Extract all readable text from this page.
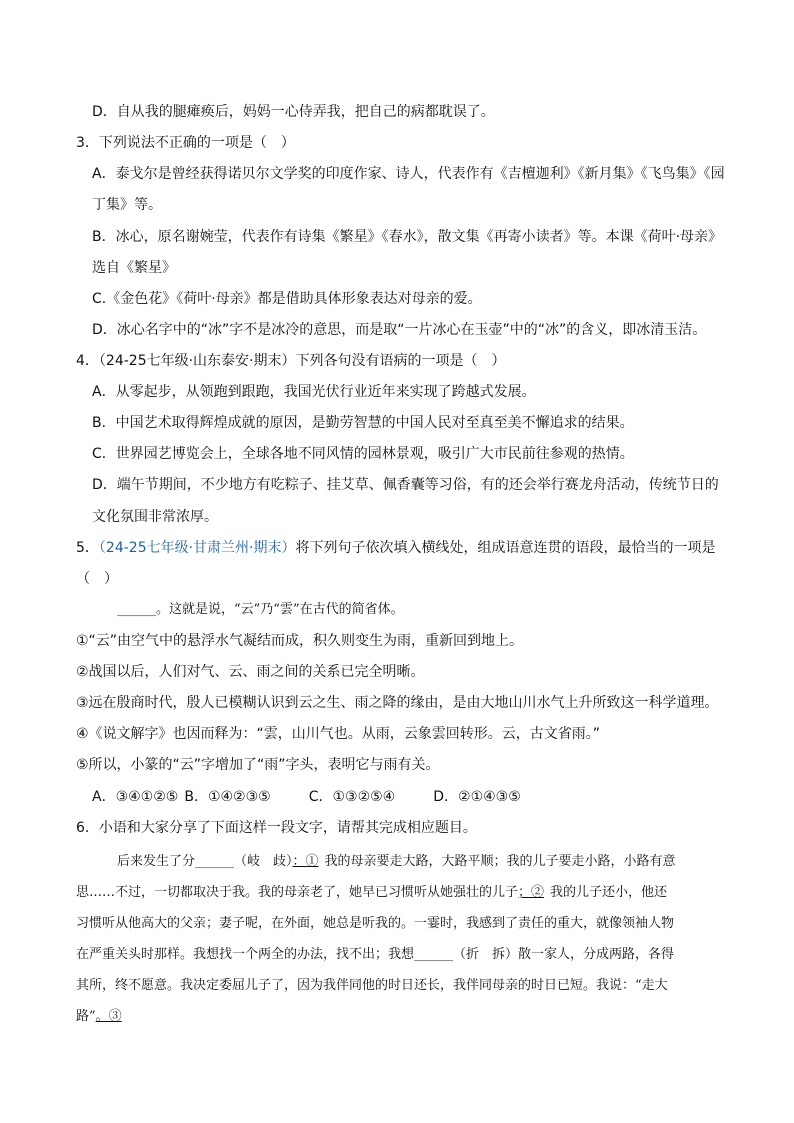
D．自从我的腿瘫痪后，妈妈一心侍弄我，把自己的病都耽误了。
3．下列说法不正确的一项是（　）
A．泰戈尔是曾经获得诺贝尔文学奖的印度作家、诗人，代表作有《吉檀迦利》《新月集》《飞鸟集》《园
丁集》等。
B．冰心，原名谢婉莹，代表作有诗集《繁星》《春水》，散文集《再寄小读者》等。本课《荷叶·母亲》
选自《繁星》
C.《金色花》《荷叶·母亲》都是借助具体形象表达对母亲的爱。
D．冰心名字中的“冰”字不是冰冷的意思，而是取“一片冰心在玉壶”中的“冰”的含义，即冰清玉洁。
4．（24-25七年级·山东泰安·期末）下列各句没有语病的一项是（　）
A．从零起步，从领跑到跟跑，我国光伏行业近年来实现了跨越式发展。
B．中国艺术取得辉煌成就的原因，是勤劳智慧的中国人民对至真至美不懈追求的结果。
C．世界园艺博览会上，全球各地不同风情的园林景观，吸引广大市民前往参观的热情。
D．端午节期间，不少地方有吃粽子、挂艾草、佩香囊等习俗，有的还会举行赛龙舟活动，传统节日的
文化氛围非常浓厚。
5．（24-25七年级·甘肃兰州·期末）将下列句子依次填入横线处，组成语意连贯的语段，最恰当的一项是
（　）
______。这就是说，“云”乃“雲”在古代的简省体。
①“云”由空气中的悬浮水气凝结而成，积久则变生为雨，重新回到地上。
②战国以后，人们对气、云、雨之间的关系已完全明晰。
③远在殷商时代，殷人已模糊认识到云之生、雨之降的缘由，是由大地山川水气上升所致这一科学道理。
④《说文解字》也因而释为：“雲，山川气也。从雨，云象雲回转形。云，古文省雨。”
⑤所以，小篆的“云”字增加了“雨”字头，表明它与雨有关。
A．③④①②⑤ B．①④②③⑤	C．①③②⑤④	D．②①④③⑤
6．小语和大家分享了下面这样一段文字，请帮其完成相应题目。
后来发生了分______（岐　歧）：① 我的母亲要走大路，大路平顺；我的儿子要走小路，小路有意
思……不过，一切都取决于我。我的母亲老了，她早已习惯听从她强壮的儿子；② 我的儿子还小，他还
习惯听从他高大的父亲；妻子呢，在外面，她总是听我的。一霎时，我感到了责任的重大，就像领袖人物
在严重关头时那样。我想找一个两全的办法，找不出；我想______（折　拆）散一家人，分成两路，各得
其所，终不愿意。我决定委屈儿子了，因为我伴同他的时日还长，我伴同母亲的时日已短。我说：“走大
路”。③
